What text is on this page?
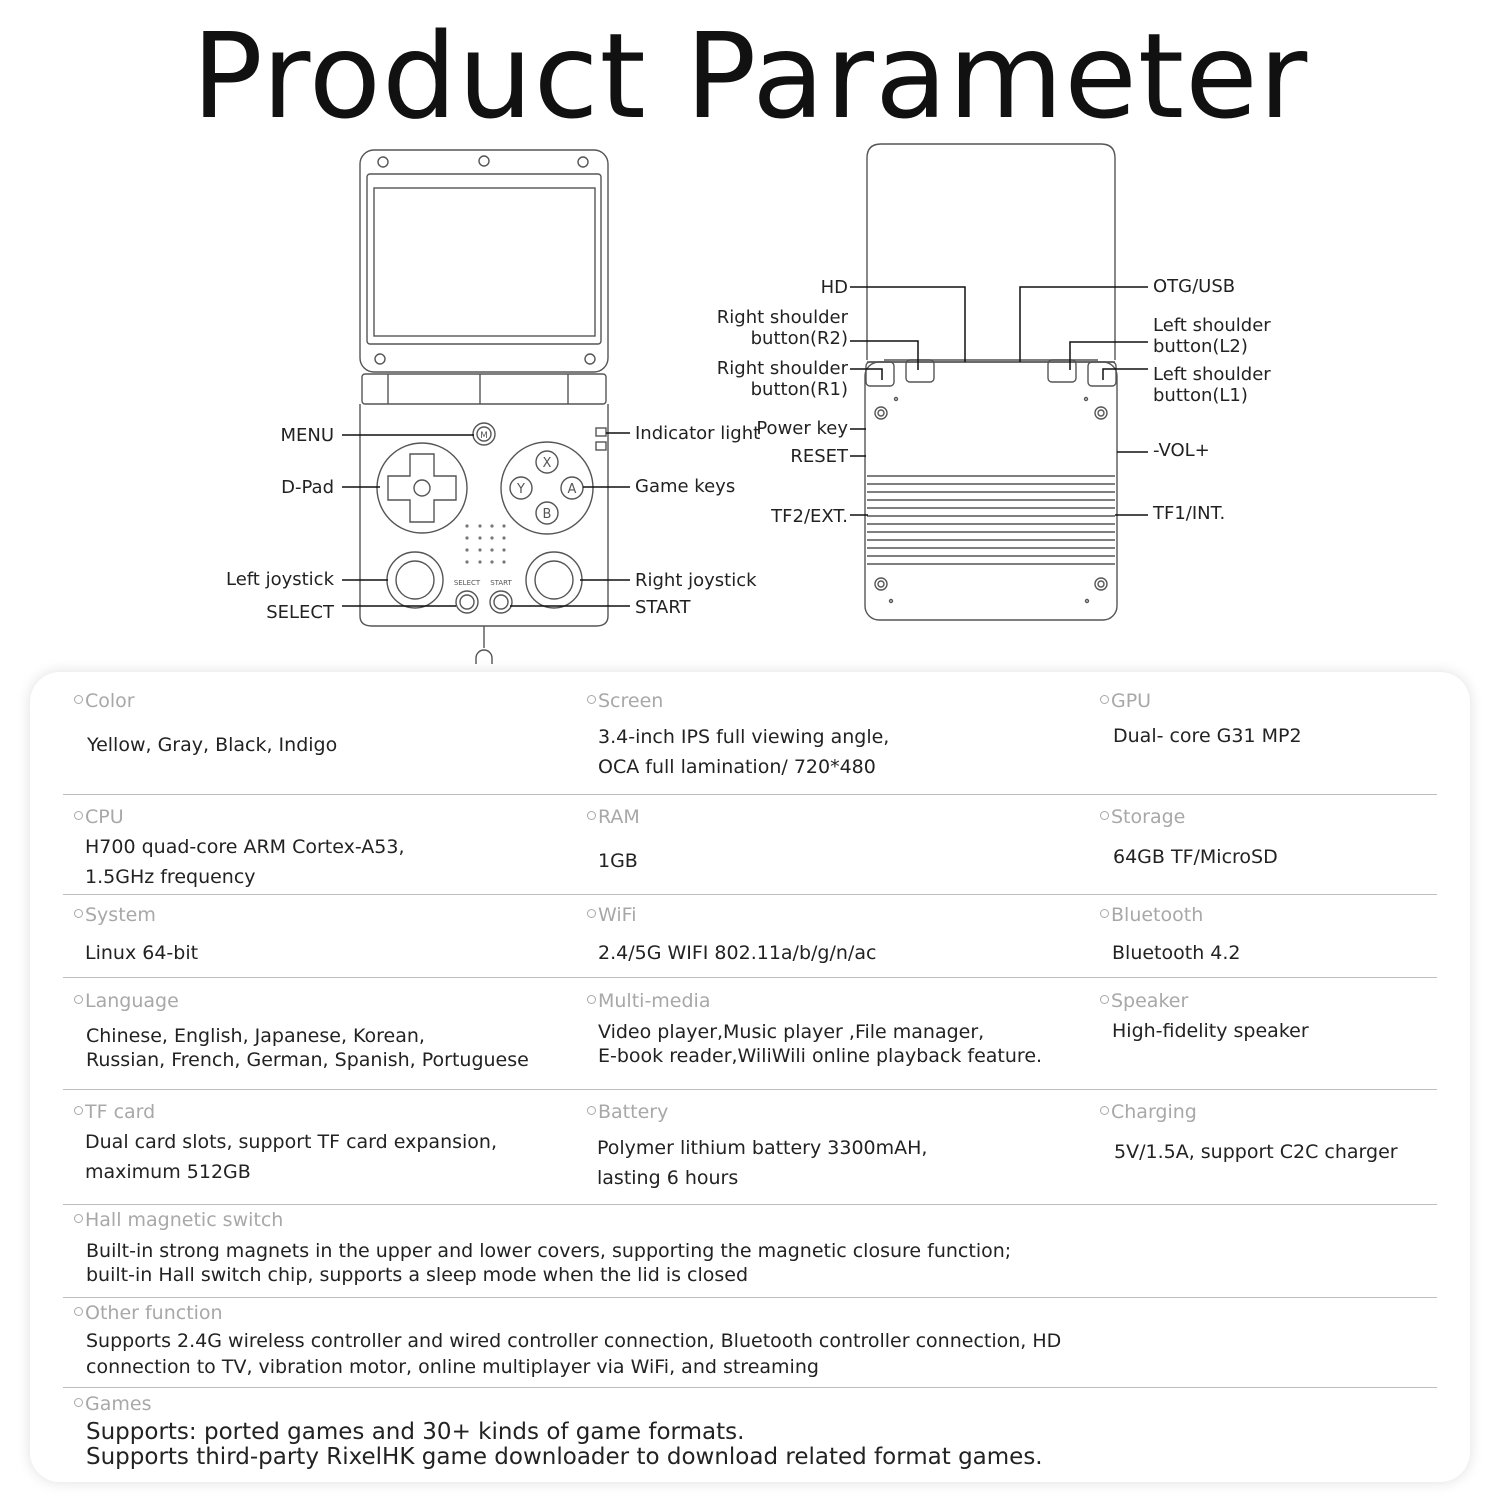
Product Parameter
M
X
Y	A
B
SELECT START
MENU
D-Pad
Left joystick
SELECT
Indicator light
Game keys
Right joystick
START
HD
Right shoulder
button(R2)
Right shoulder
button(R1)
Power key
RESET
TF2/EXT.
OTG/USB
Left shoulder
button(L2)
Left shoulder
button(L1)
-VOL+
TF1/INT.
Color
Yellow, Gray, Black, Indigo
Screen
3.4-inch IPS full viewing angle,
OCA full lamination/ 720*480
GPU
Dual- core G31 MP2
CPU
H700 quad-core ARM Cortex-A53,
1.5GHz frequency
RAM
1GB
Storage
64GB TF/MicroSD
System
Linux 64-bit
WiFi
2.4/5G WIFI 802.11a/b/g/n/ac
Bluetooth
Bluetooth 4.2
Language
Chinese, English, Japanese, Korean,
Russian, French, German, Spanish, Portuguese
Multi-media
Video player,Music player ,File manager,
E-book reader,WiliWili online playback feature.
Speaker
High-fidelity speaker
TF card
Dual card slots, support TF card expansion,
maximum 512GB
Battery
Polymer lithium battery 3300mAH,
lasting 6 hours
Charging
5V/1.5A, support C2C charger
Hall magnetic switch
Built-in strong magnets in the upper and lower covers, supporting the magnetic closure function;
built-in Hall switch chip, supports a sleep mode when the lid is closed
Other function
Supports 2.4G wireless controller and wired controller connection, Bluetooth controller connection, HD
connection to TV, vibration motor, online multiplayer via WiFi, and streaming
Games
Supports: ported games and 30+ kinds of game formats.
Supports third-party RixelHK game downloader to download related format games.
